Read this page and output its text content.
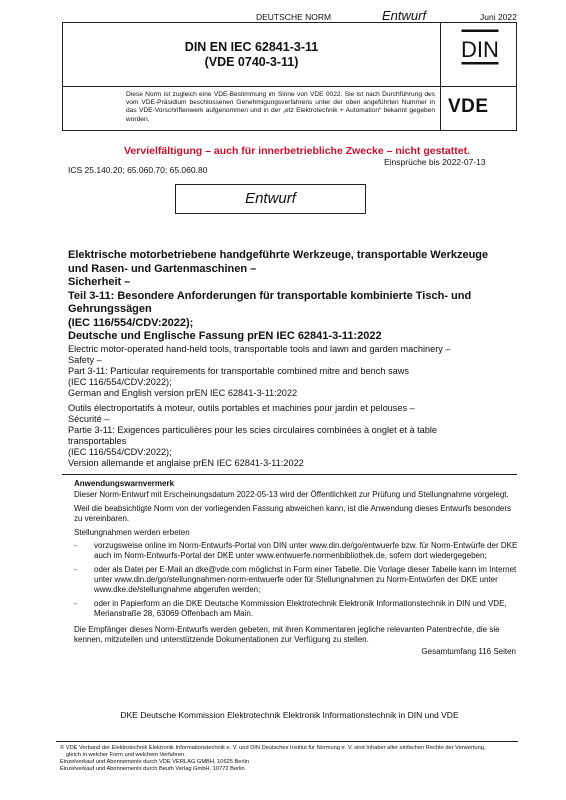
DEUTSCHE NORM	Entwurf	Juni 2022
DIN EN IEC 62841-3-11
(VDE 0740-3-11)
Diese Norm ist zugleich eine VDE-Bestimmung im Sinne von VDE 0022. Sie ist nach Durchführung des vom VDE-Präsidium beschlossenen Genehmigungsverfahrens unter der oben angeführten Nummer in das VDE-Vorschriftenwerk aufgenommen und in der „etz Elektrotechnik + Automation“ bekannt gegeben worden.
DIN
VDE
Vervielfältigung – auch für innerbetriebliche Zwecke – nicht gestattet.
Einsprüche bis 2022-07-13
ICS 25.140.20; 65.060.70; 65.060.80
Entwurf
Elektrische motorbetriebene handgeführte Werkzeuge, transportable Werkzeuge
und Rasen- und Gartenmaschinen –
Sicherheit –
Teil 3-11: Besondere Anforderungen für transportable kombinierte Tisch- und
Gehrungssägen
(IEC 116/554/CDV:2022);
Deutsche und Englische Fassung prEN IEC 62841-3-11:2022
Electric motor-operated hand-held tools, transportable tools and lawn and garden machinery –
Safety –
Part 3-11: Particular requirements for transportable combined mitre and bench saws
(IEC 116/554/CDV:2022);
German and English version prEN IEC 62841-3-11:2022
Outils électroportatifs à moteur, outils portables et machines pour jardin et pelouses –
Sécurité –
Partie 3-11: Exigences particulières pour les scies circulaires combinées à onglet et à table
transportables
(IEC 116/554/CDV:2022);
Version allemande et anglaise prEN IEC 62841-3-11:2022
Anwendungswarnvermerk
Dieser Norm-Entwurf mit Erscheinungsdatum 2022-05-13 wird der Öffentlichkeit zur Prüfung und Stellungnahme vorgelegt.
Weil die beabsichtigte Norm von der vorliegenden Fassung abweichen kann, ist die Anwendung dieses Entwurfs besonders zu vereinbaren.
Stellungnahmen werden erbeten
- vorzugsweise online im Norm-Entwurfs-Portal von DIN unter www.din.de/go/entwuerfe bzw. für Norm-Entwürfe der DKE auch im Norm-Entwurfs-Portal der DKE unter www.entwuerfe.normenbibliothek.de, sofern dort wiedergegeben;
- oder als Datei per E-Mail an dke@vde.com möglichst in Form einer Tabelle. Die Vorlage dieser Tabelle kann im Internet unter www.din.de/go/stellungnahmen-norm-entwuerfe oder für Stellungnahmen zu Norm-Entwürfen der DKE unter www.dke.de/stellungnahme abgerufen werden;
- oder in Papierform an die DKE Deutsche Kommission Elektrotechnik Elektronik Informationstechnik in DIN und VDE, Merianstraße 28, 63069 Offenbach am Main.
Die Empfänger dieses Norm-Entwurfs werden gebeten, mit ihren Kommentaren jegliche relevanten Patentrechte, die sie kennen, mitzuteilen und unterstützende Dokumentationen zur Verfügung zu stellen.
Gesamtumfang 116 Seiten
DKE Deutsche Kommission Elektrotechnik Elektronik Informationstechnik in DIN und VDE
© VDE Verband der Elektrotechnik Elektronik Informationstechnik e. V. und DIN Deutsches Institut für Normung e. V. sind Inhaber aller einfachen Rechte der Verwertung,
gleich in welcher Form und welchem Verfahren.
Einzelverkauf und Abonnements durch VDE VERLAG GMBH, 10625 Berlin
Einzelverkauf und Abonnements durch Beuth Verlag GmbH, 10772 Berlin
